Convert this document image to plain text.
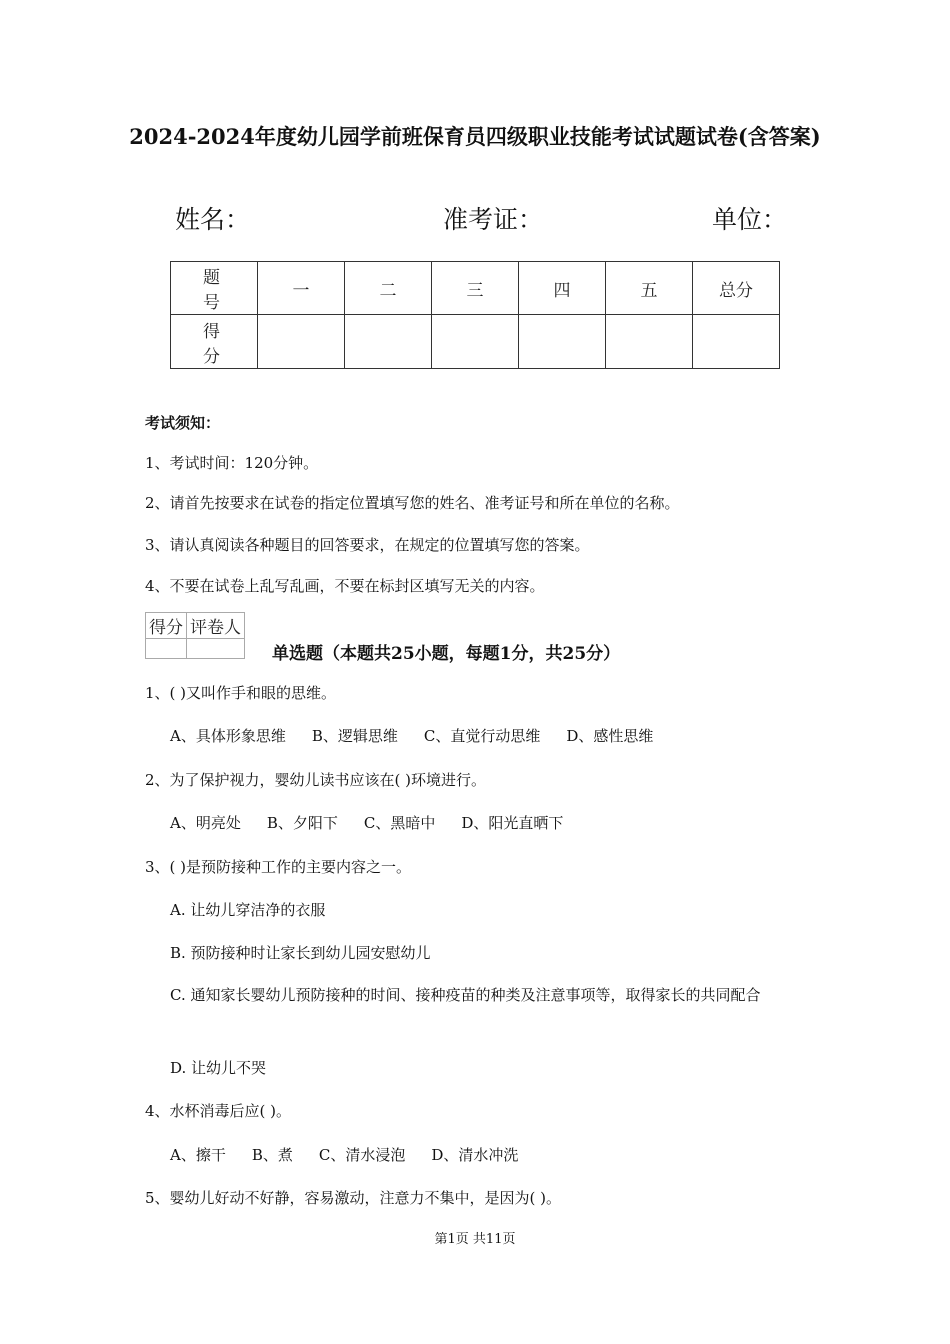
2024-2024年度幼儿园学前班保育员四级职业技能考试试题试卷(含答案)
姓名：	准考证：	单位：
题 号	一	二	三	四	五	总分
得 分						
考试须知：
1、考试时间：120分钟。
2、请首先按要求在试卷的指定位置填写您的姓名、准考证号和所在单位的名称。
3、请认真阅读各种题目的回答要求，在规定的位置填写您的答案。
4、不要在试卷上乱写乱画，不要在标封区填写无关的内容。
得分	评卷人

单选题（本题共25小题，每题1分，共25分）
1、( )又叫作手和眼的思维。
A、具体形象思维 B、逻辑思维 C、直觉行动思维 D、感性思维
2、为了保护视力，婴幼儿读书应该在( )环境进行。
A、明亮处 B、夕阳下 C、黑暗中 D、阳光直晒下
3、( )是预防接种工作的主要内容之一。
A. 让幼儿穿洁净的衣服
B. 预防接种时让家长到幼儿园安慰幼儿
C. 通知家长婴幼儿预防接种的时间、接种疫苗的种类及注意事项等，取得家长的共同配合
D. 让幼儿不哭
4、水杯消毒后应( )。
A、擦干 B、煮 C、清水浸泡 D、清水冲洗
5、婴幼儿好动不好静，容易激动，注意力不集中，是因为( )。
第1页 共11页
